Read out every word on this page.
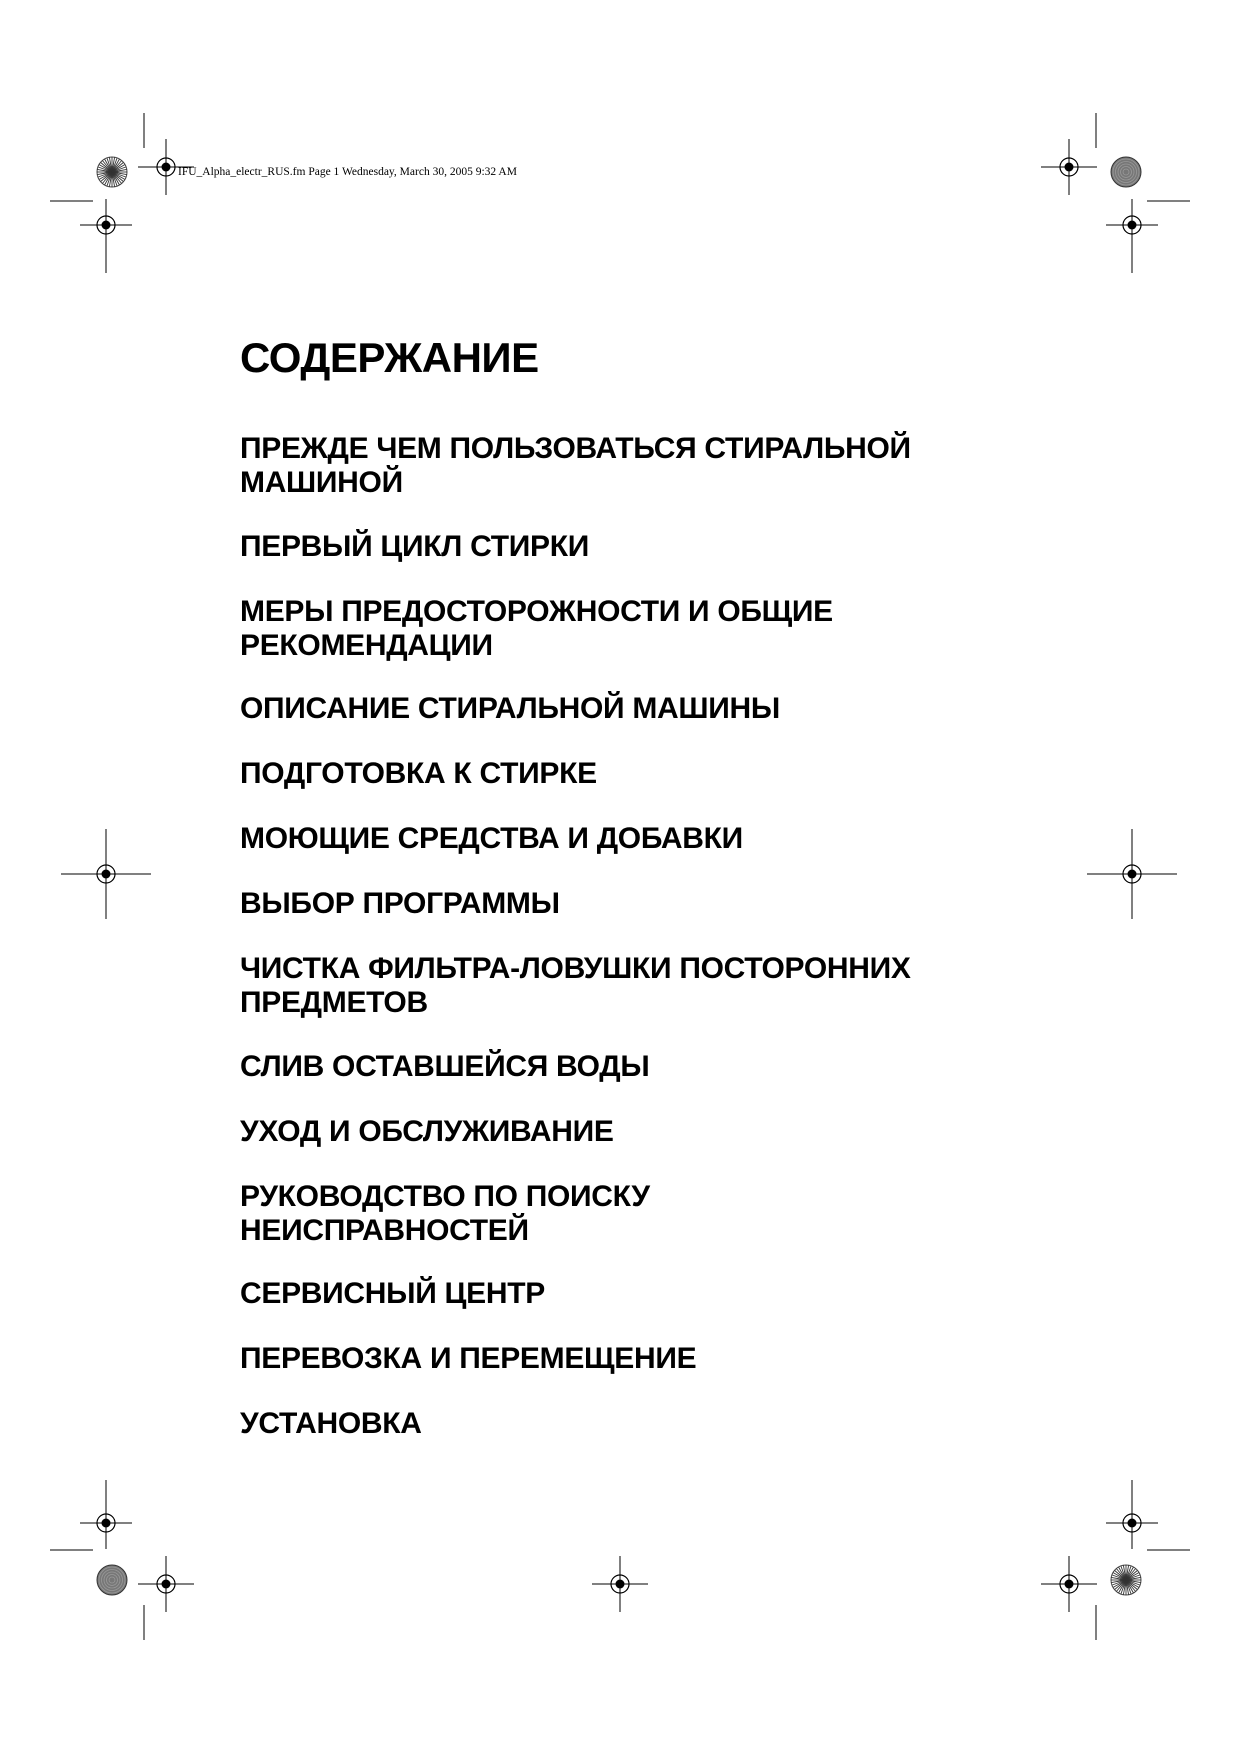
IFU_Alpha_electr_RUS.fm Page 1 Wednesday, March 30, 2005 9:32 AM
СОДЕРЖАНИЕ

ПРЕЖДЕ ЧЕМ ПОЛЬЗОВАТЬСЯ СТИРАЛЬНОЙ
МАШИНОЙ

ПЕРВЫЙ ЦИКЛ СТИРКИ

МЕРЫ ПРЕДОСТОРОЖНОСТИ И ОБЩИЕ
РЕКОМЕНДАЦИИ

ОПИСАНИЕ СТИРАЛЬНОЙ МАШИНЫ

ПОДГОТОВКА К СТИРКЕ

МОЮЩИЕ СРЕДСТВА И ДОБАВКИ

ВЫБОР ПРОГРАММЫ

ЧИСТКА ФИЛЬТРА-ЛОВУШКИ ПОСТОРОННИХ
ПРЕДМЕТОВ

СЛИВ ОСТАВШЕЙСЯ ВОДЫ

УХОД И ОБСЛУЖИВАНИЕ

РУКОВОДСТВО ПО ПОИСКУ
НЕИСПРАВНОСТЕЙ

СЕРВИСНЫЙ ЦЕНТР

ПЕРЕВОЗКА И ПЕРЕМЕЩЕНИЕ

УСТАНОВКА
